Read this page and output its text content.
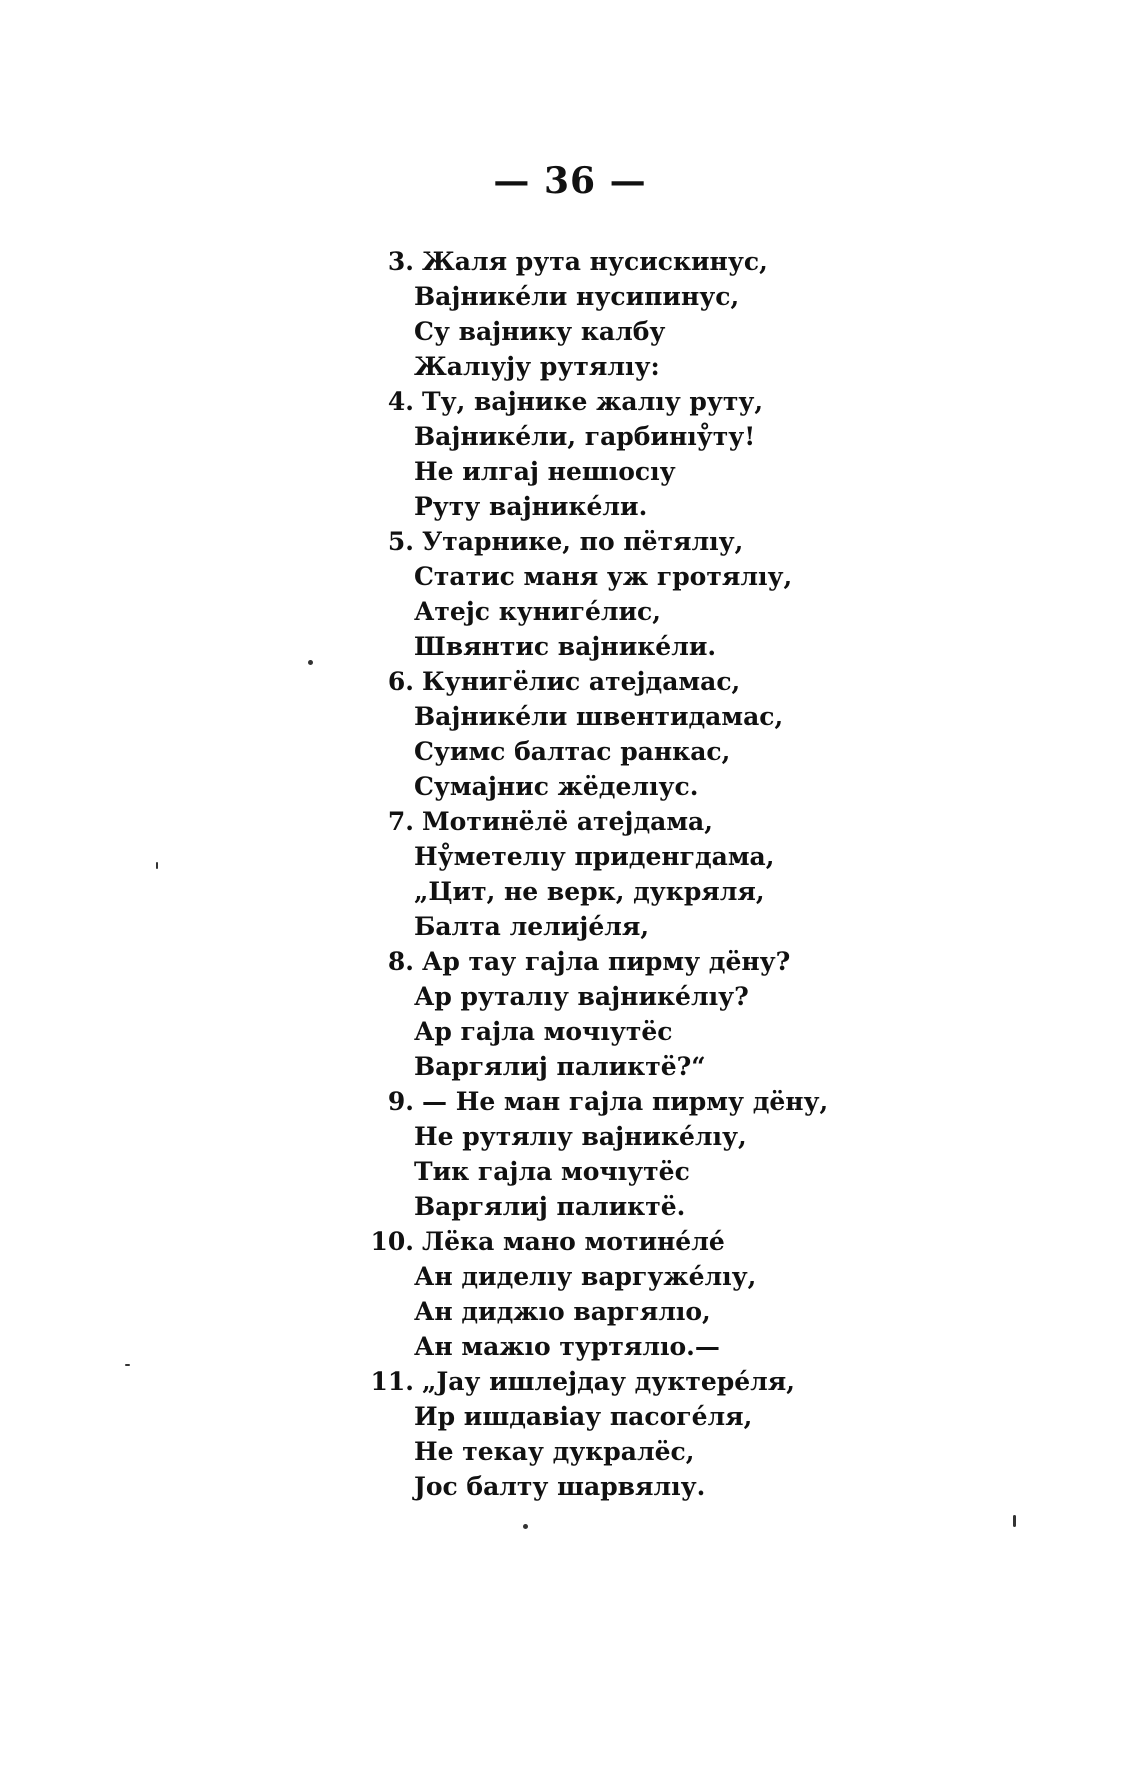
— 36 —
3. Жаля рута нусискинус,
Вајникéли нусипинус,
Су вајнику калбу
Жалıују рутялıу:
4. Ту, вајнике жалıу руту,
Вајникéли, гарбинıу̊ту!
Не илгај нешıосıу
Руту вајникéли.
5. Утарнике, по пётялıу,
Статис маня уж гротялıу,
Атејс кунигéлис,
Швянтис вајникéли.
6. Кунигёлис атејдамас,
Вајникéли швентидамас,
Суимс балтас ранкас,
Сумајнис жёделıус.
7. Мотинёлё атејдама,
Ну̊метелıу приденгдама,
„Цит, не верк, дукряля,
Балта лелијéля,
8. Ар тау гајла пирму дёну?
Ар руталıу вајникéлıу?
Ар гајла мочıутёс
Варгялиј паликтё?“
9. — Не ман гајла пирму дёну,
Не рутялıу вајникéлıу,
Тик гајла мочıутёс
Варгялиј паликтё.
10. Лёка мано мотинéлé
Ан диделıу варгужéлıу,
Ан диджıо варгялıо,
Ан мажıо туртялıо.—
11. „Јау ишлејдау дуктерéля,
Ир ишдавіау пасогéля,
Не текау дукралёс,
Јос балту шарвялıу.
